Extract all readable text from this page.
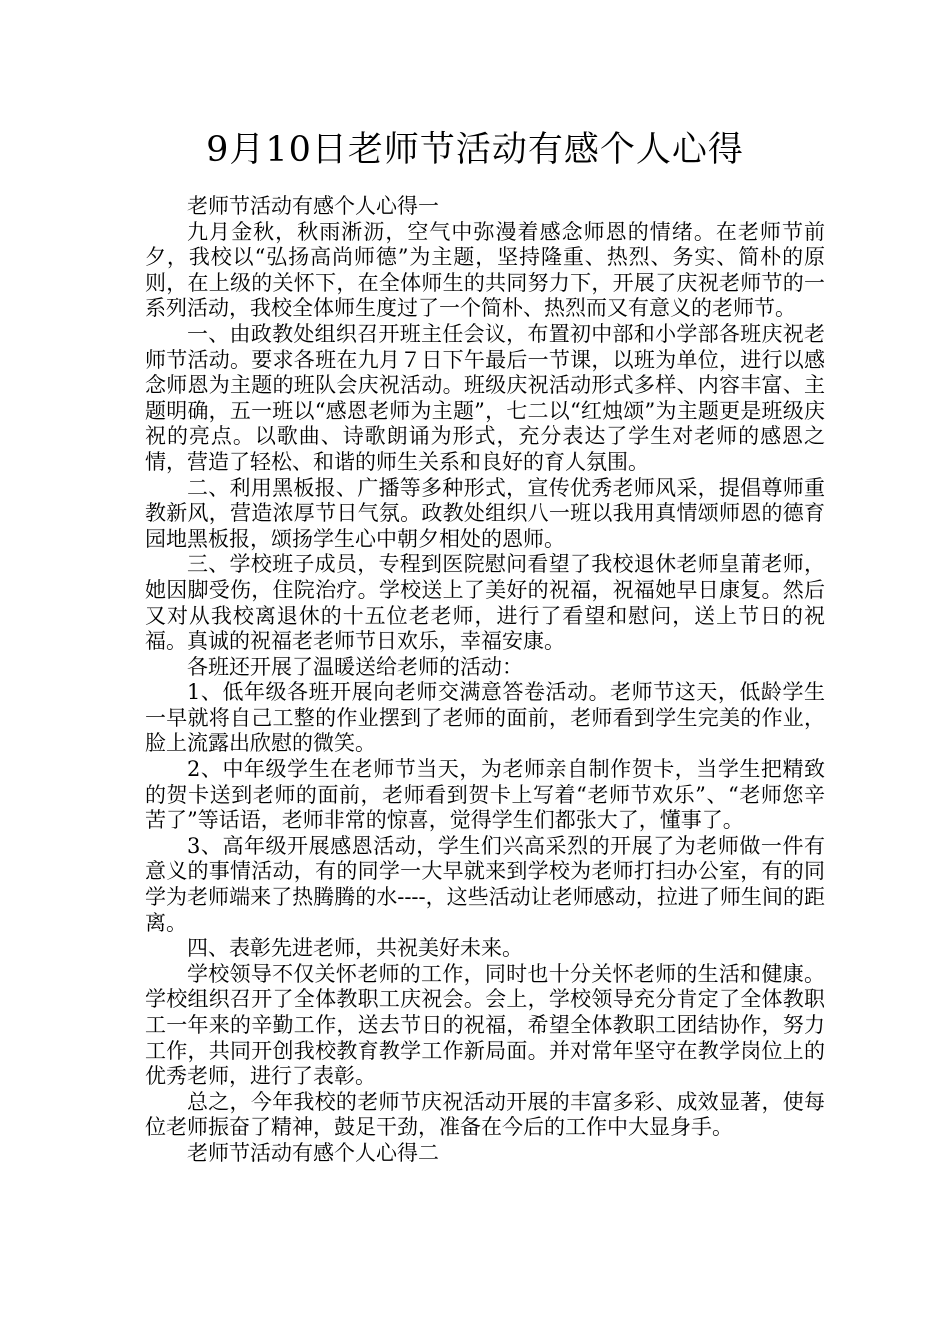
9月10日老师节活动有感个人心得

老师节活动有感个人心得一

九月金秋，秋雨淅沥，空气中弥漫着感念师恩的情绪。在老师节前夕，我校以“弘扬高尚师德”为主题，坚持隆重、热烈、务实、简朴的原则，在上级的关怀下，在全体师生的共同努力下，开展了庆祝老师节的一系列活动，我校全体师生度过了一个简朴、热烈而又有意义的老师节。

一、由政教处组织召开班主任会议，布置初中部和小学部各班庆祝老师节活动。要求各班在九月７日下午最后一节课，以班为单位，进行以感念师恩为主题的班队会庆祝活动。班级庆祝活动形式多样、内容丰富、主题明确，五一班以“感恩老师为主题”，七二以“红烛颂”为主题更是班级庆祝的亮点。以歌曲、诗歌朗诵为形式，充分表达了学生对老师的感恩之情，营造了轻松、和谐的师生关系和良好的育人氛围。

二、利用黑板报、广播等多种形式，宣传优秀老师风采，提倡尊师重教新风，营造浓厚节日气氛。政教处组织八一班以我用真情颂师恩的德育园地黑板报，颂扬学生心中朝夕相处的恩师。

三、学校班子成员，专程到医院慰问看望了我校退休老师皇莆老师，她因脚受伤，住院治疗。学校送上了美好的祝福，祝福她早日康复。然后又对从我校离退休的十五位老老师，进行了看望和慰问，送上节日的祝福。真诚的祝福老老师节日欢乐，幸福安康。

各班还开展了温暖送给老师的活动：

1、低年级各班开展向老师交满意答卷活动。老师节这天，低龄学生一早就将自己工整的作业摆到了老师的面前，老师看到学生完美的作业，脸上流露出欣慰的微笑。

2、中年级学生在老师节当天，为老师亲自制作贺卡，当学生把精致的贺卡送到老师的面前，老师看到贺卡上写着“老师节欢乐”、“老师您辛苦了”等话语，老师非常的惊喜，觉得学生们都张大了，懂事了。

3、高年级开展感恩活动，学生们兴高采烈的开展了为老师做一件有意义的事情活动，有的同学一大早就来到学校为老师打扫办公室，有的同学为老师端来了热腾腾的水----，这些活动让老师感动，拉进了师生间的距离。

四、表彰先进老师，共祝美好未来。

学校领导不仅关怀老师的工作，同时也十分关怀老师的生活和健康。学校组织召开了全体教职工庆祝会。会上，学校领导充分肯定了全体教职工一年来的辛勤工作，送去节日的祝福，希望全体教职工团结协作，努力工作，共同开创我校教育教学工作新局面。并对常年坚守在教学岗位上的优秀老师，进行了表彰。

总之，今年我校的老师节庆祝活动开展的丰富多彩、成效显著，使每位老师振奋了精神，鼓足干劲，准备在今后的工作中大显身手。

老师节活动有感个人心得二
